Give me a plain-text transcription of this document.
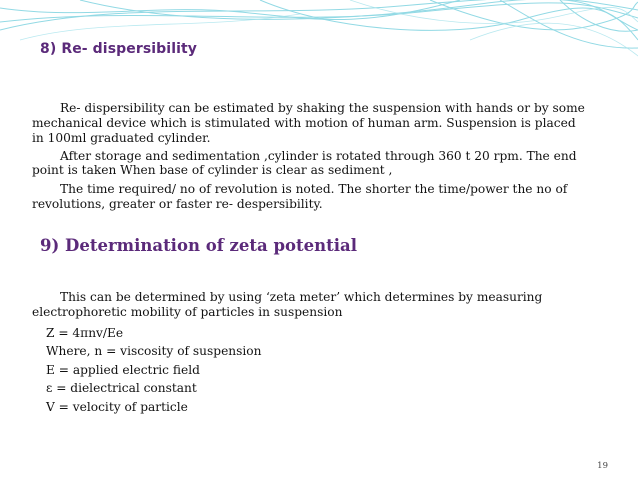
8) Re- dispersibility
Re- dispersibility can be estimated by shaking the suspension with hands or by some
mechanical device which is stimulated with motion of human arm. Suspension is placed
in 100ml graduated cylinder.
After storage and sedimentation ,cylinder is rotated through 360 t 20 rpm. The end
point is taken When base of cylinder is clear as sediment ,
The time required/ no of revolution is noted. The shorter the time/power the no of
revolutions, greater or faster re- despersibility.
9) Determination of zeta potential
This can be determined by using ‘zeta meter’ which determines by measuring
electrophoretic mobility of particles in suspension
Z = 4πnv/Ee
Where, n = viscosity of suspension
E = applied electric field
ε = dielectrical constant
V = velocity of particle
19
